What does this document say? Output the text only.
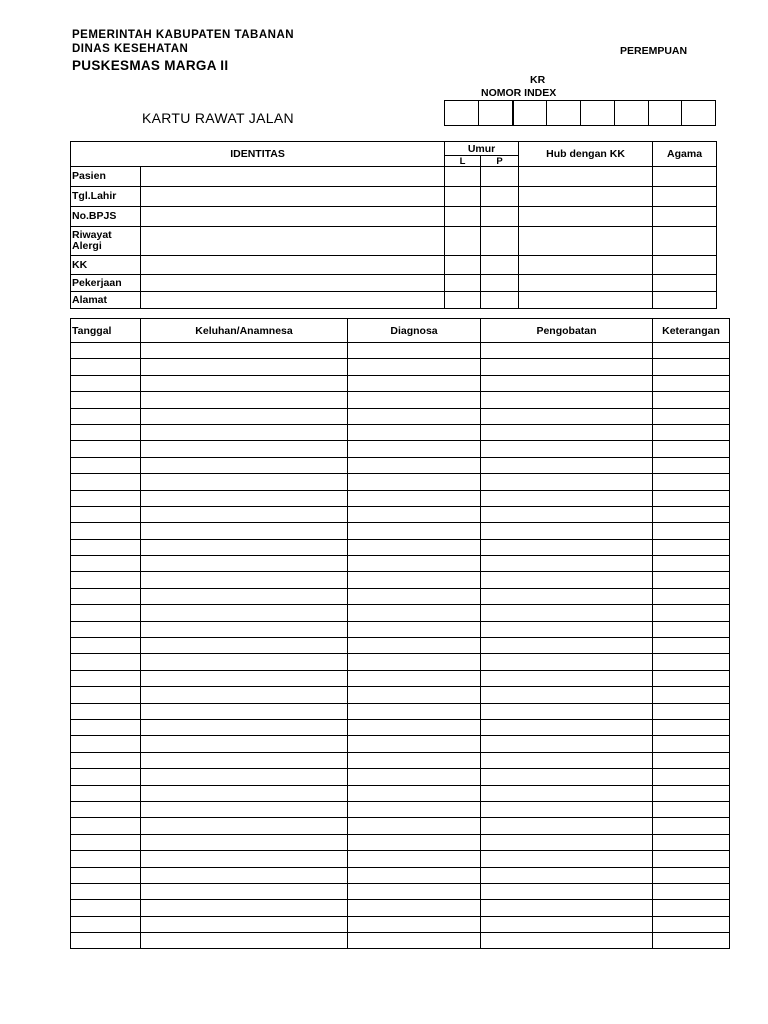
PEMERINTAH KABUPATEN TABANAN
DINAS KESEHATAN
PUSKESMAS MARGA II
PEREMPUAN
KR
NOMOR INDEX
KARTU RAWAT JALAN
IDENTITAS		Umur		Hub dengan KK	Agama
		L	P		
Pasien					
Tgl.Lahir					
No.BPJS					
Riwayat Alergi					
KK					
Pekerjaan					
Alamat					
Tanggal	Keluhan/Anamnesa	Diagnosa	Pengobatan	Keterangan
